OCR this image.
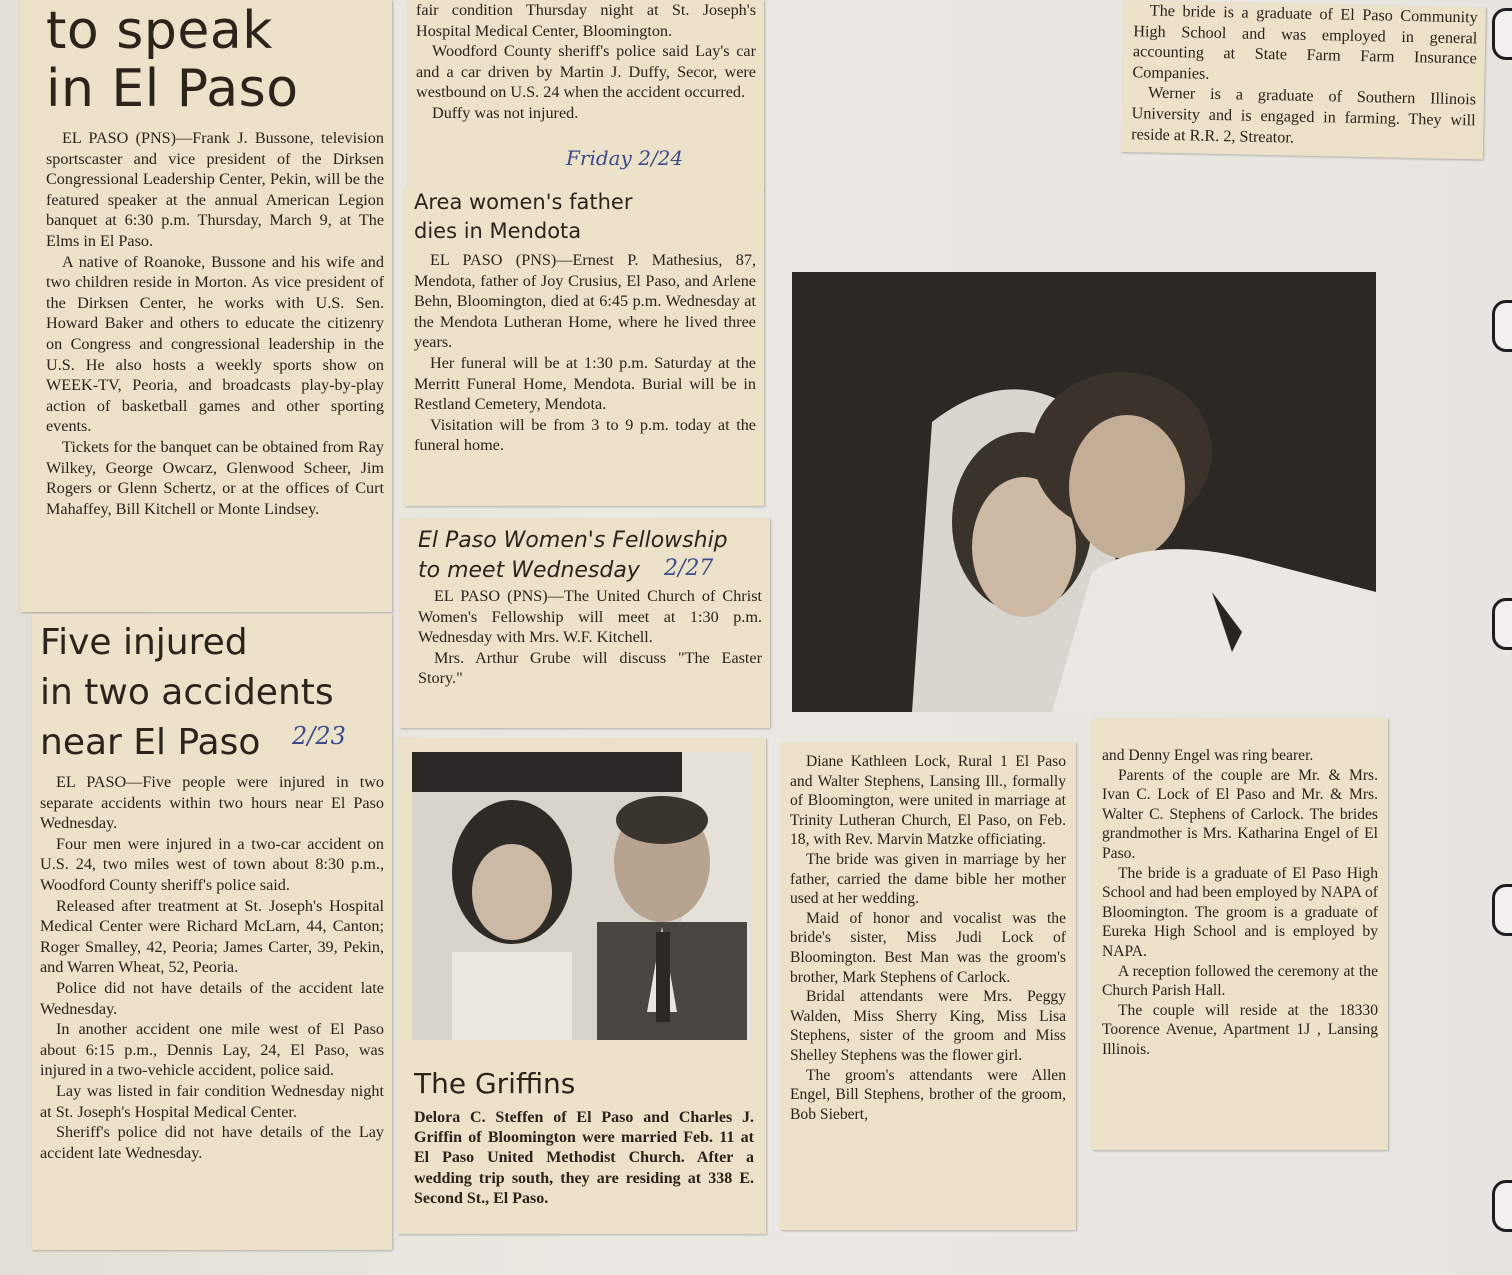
to speak
in El Paso

EL PASO (PNS)—Frank J. Bussone, television sportscaster and vice president of the Dirksen Congressional Leadership Center, Pekin, will be the featured speaker at the annual American Legion banquet at 6:30 p.m. Thursday, March 9, at The Elms in El Paso.

A native of Roanoke, Bussone and his wife and two children reside in Morton. As vice president of the Dirksen Center, he works with U.S. Sen. Howard Baker and others to educate the citizenry on Congress and congressional leadership in the U.S. He also hosts a weekly sports show on WEEK-TV, Peoria, and broadcasts play-by-play action of basketball games and other sporting events.

Tickets for the banquet can be obtained from Ray Wilkey, George Owcarz, Glenwood Scheer, Jim Rogers or Glenn Schertz, or at the offices of Curt Mahaffey, Bill Kitchell or Monte Lindsey.

Five injured
in two accidents
near El Paso	2/23

EL PASO—Five people were injured in two separate accidents within two hours near El Paso Wednesday.

Four men were injured in a two-car accident on U.S. 24, two miles west of town about 8:30 p.m., Woodford County sheriff's police said.

Released after treatment at St. Joseph's Hospital Medical Center were Richard McLarn, 44, Canton; Roger Smalley, 42, Peoria; James Carter, 39, Pekin, and Warren Wheat, 52, Peoria.

Police did not have details of the accident late Wednesday.

In another accident one mile west of El Paso about 6:15 p.m., Dennis Lay, 24, El Paso, was injured in a two-vehicle accident, police said.

Lay was listed in fair condition Wednesday night at St. Joseph's Hospital Medical Center.

Sheriff's police did not have details of the Lay accident late Wednesday.

fair condition Thursday night at St. Joseph's Hospital Medical Center, Bloomington.

Woodford County sheriff's police said Lay's car and a car driven by Martin J. Duffy, Secor, were westbound on U.S. 24 when the accident occurred.

Duffy was not injured.

Friday 2/24
Area women's father
dies in Mendota

EL PASO (PNS)—Ernest P. Mathesius, 87, Mendota, father of Joy Crusius, El Paso, and Arlene Behn, Bloomington, died at 6:45 p.m. Wednesday at the Mendota Lutheran Home, where he lived three years.

Her funeral will be at 1:30 p.m. Saturday at the Merritt Funeral Home, Mendota. Burial will be in Restland Cemetery, Mendota.

Visitation will be from 3 to 9 p.m. today at the funeral home.

El Paso Women's Fellowship
to meet Wednesday	2/27

EL PASO (PNS)—The United Church of Christ Women's Fellowship will meet at 1:30 p.m. Wednesday with Mrs. W.F. Kitchell.

Mrs. Arthur Grube will discuss "The Easter Story."

The Griffins
Delora C. Steffen of El Paso and Charles J. Griffin of Bloomington were married Feb. 11 at El Paso United Methodist Church. After a wedding trip south, they are residing at 338 E. Second St., El Paso.

The bride is a graduate of El Paso Community High School and was employed in general accounting at State Farm Farm Insurance Companies.

Werner is a graduate of Southern Illinois University and is engaged in farming. They will reside at R.R. 2, Streator.

Diane Kathleen Lock, Rural 1 El Paso and Walter Stephens, Lansing Ill., formally of Bloomington, were united in marriage at Trinity Lutheran Church, El Paso, on Feb. 18, with Rev. Marvin Matzke officiating.

The bride was given in marriage by her father, carried the dame bible her mother used at her wedding.

Maid of honor and vocalist was the bride's sister, Miss Judi Lock of Bloomington. Best Man was the groom's brother, Mark Stephens of Carlock.

Bridal attendants were Mrs. Peggy Walden, Miss Sherry King, Miss Lisa Stephens, sister of the groom and Miss Shelley Stephens was the flower girl.

The groom's attendants were Allen Engel, Bill Stephens, brother of the groom, Bob Siebert,

and Denny Engel was ring bearer.

Parents of the couple are Mr. & Mrs. Ivan C. Lock of El Paso and Mr. & Mrs. Walter C. Stephens of Carlock. The brides grandmother is Mrs. Katharina Engel of El Paso.

The bride is a graduate of El Paso High School and had been employed by NAPA of Bloomington. The groom is a graduate of Eureka High School and is employed by NAPA.

A reception followed the ceremony at the Church Parish Hall.

The couple will reside at the 18330 Toorence Avenue, Apartment 1J , Lansing Illinois.
